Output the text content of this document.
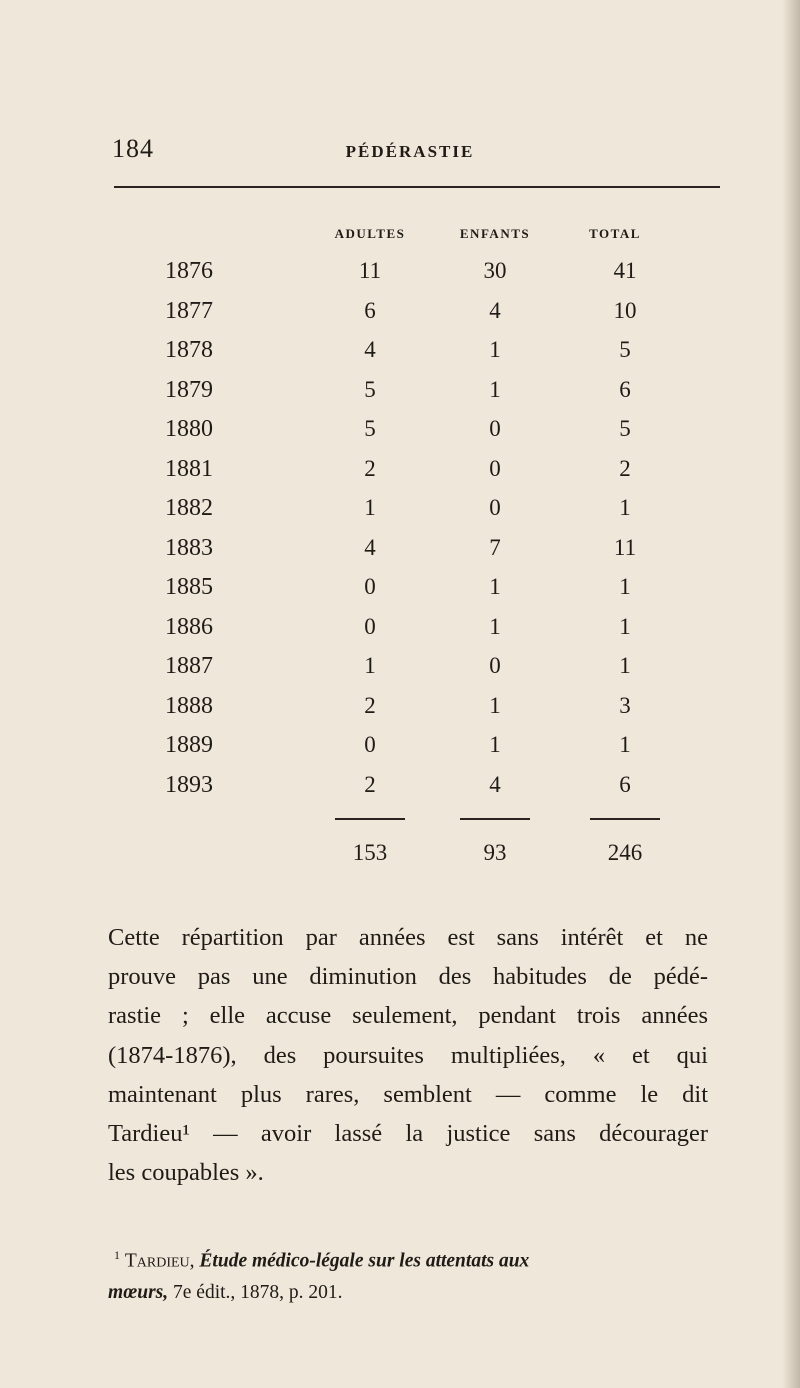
184	PÉDÉRASTIE
ADULTES	ENFANTS	TOTAL
1876	11	30	41
1877	6	4	10
1878	4	1	5
1879	5	1	6
1880	5	0	5
1881	2	0	2
1882	1	0	1
1883	4	7	11
1885	0	1	1
1886	0	1	1
1887	1	0	1
1888	2	1	3
1889	0	1	1
1893	2	4	6
153	93	246
Cette répartition par années est sans intérêt et ne
prouve pas une diminution des habitudes de pédé-
rastie ; elle accuse seulement, pendant trois années
(1874-1876), des poursuites multipliées, « et qui
maintenant plus rares, semblent — comme le dit
Tardieu¹ — avoir lassé la justice sans décourager
les coupables ».
$^1$ Tardieu, Étude médico-légale sur les attentats aux
mœurs, 7e édit., 1878, p. 201.
